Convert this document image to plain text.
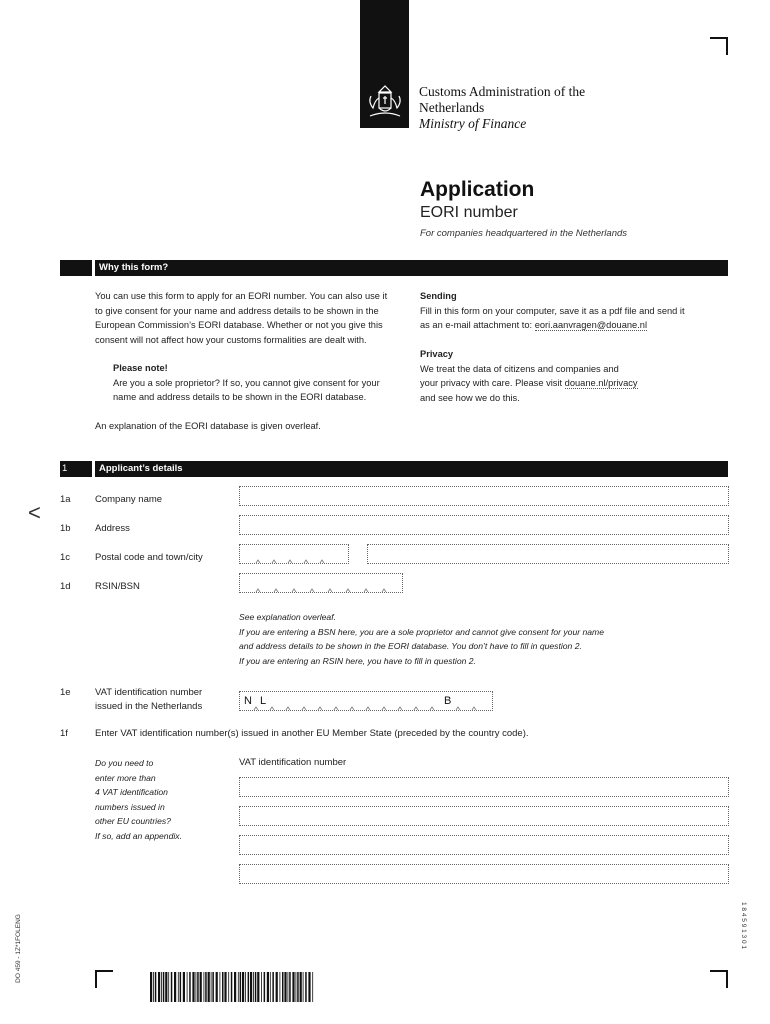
Customs Administration of the
Netherlands
Ministry of Finance
Application
EORI number
For companies headquartered in the Netherlands
Why this form?
You can use this form to apply for an EORI number. You can also use it
to give consent for your name and address details to be shown in the
European Commission’s EORI database. Whether or not you give this
consent will not affect how your customs formalities are dealt with.
Please note!
Are you a sole proprietor? If so, you cannot give consent for your
name and address details to be shown in the EORI database.
An explanation of the EORI database is given overleaf.
Sending
Fill in this form on your computer, save it as a pdf file and send it
as an e-mail attachment to: eori.aanvragen@douane.nl
Privacy
We treat the data of citizens and companies and
your privacy with care. Please visit douane.nl/privacy
and see how we do this.
1	Applicant’s details
<
1a	Company name
1b	Address
1c	Postal code and town/city
1d	RSIN/BSN
See explanation overleaf.
If you are entering a BSN here, you are a sole proprietor and cannot give consent for your name
and address details to be shown in the EORI database. You don’t have to fill in question 2.
If you are entering an RSIN here, you have to fill in question 2.
1e	VAT identification number
issued in the Netherlands	N L	B
1f	Enter VAT identification number(s) issued in another EU Member State (preceded by the country code).
Do you need to
enter more than
4 VAT identification
numbers issued in
other EU countries?
If so, add an appendix.
VAT identification number
DO 459 - 1Z*1FOLENG	1 8 4 5 9 1 3 0 1
